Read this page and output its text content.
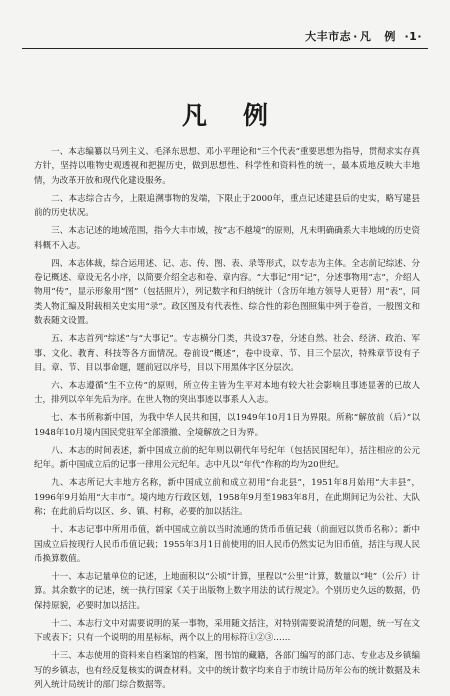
大丰市志 · 凡 例 ·1·
凡例

一、本志编纂以马列主义、毛泽东思想、邓小平理论和“三个代表”重要思想为指导，贯彻求实存真方针，坚持以唯物史观透视和把握历史，做到思想性、科学性和资料性的统一，最本质地反映大丰地情，为改革开放和现代化建设服务。

二、本志综合古今，上限追溯事物的发端，下限止于2000年，重点记述建县后的史实，略写建县前的历史状况。

三、本志记述的地域范围，指今大丰市域，按“志不越境”的原则，凡未明确确系大丰地域的历史资料概不入志。

四、本志体裁，综合运用述、记、志、传、图、表、录等形式，以专志为主体。全志前记综述、分卷记概述、章设无名小序，以简要介绍全志和卷、章内容。“大事记”用“记”，分述事物用“志”，介绍人物用“传”，显示形象用“图”（包括照片），列记数字和归纳统计（含历年地方领导人更替）用“表”，同类人物汇编及附载相关史实用“录”。政区图及有代表性、综合性的彩色图照集中列于卷首，一般图文和数表随文设置。

五、本志首列“综述”与“大事记”。专志横分门类，共设37卷，分述自然、社会、经济、政治、军事、文化、教育、科技等各方面情况。卷前设“概述”，卷中设章、节、目三个层次，特殊章节设有子目。章、节、目以事命题，题前冠以序号，目以下用黑体字区分层次。

六、本志遵循“生不立传”的原则，所立传主皆为生平对本地有较大社会影响且事迹显著的已故人士，排列以卒年先后为序。在世人物的突出事迹以事系人入志。

七、本书所称新中国，为我中华人民共和国，以1949年10月1日为界限。所称“解放前（后）”以1948年10月境内国民党驻军全部溃撤、全境解放之日为界。

八、本志的时间表述，新中国成立前的纪年则以朝代年号纪年（包括民国纪年），括注相应的公元纪年。新中国成立后的记事一律用公元纪年。志中凡以“年代”作称的均为20世纪。

九、本志所记大丰地方名称，新中国成立前和成立初用“台北县”，1951年8月始用“大丰县”，1996年9月始用“大丰市”。境内地方行政区划，1958年9月至1983年8月，在此期间记为公社、大队称；在此前后均以区、乡、镇、村称，必要的加以括注。

十、本志记事中所用币值，新中国成立前以当时流通的货币币值记载（前面冠以货币名称）；新中国成立后按现行人民币币值记载；1955年3月1日前使用的旧人民币仍然实记为旧币值，括注与现人民币换算数值。

十一、本志记量单位的记述，上地面积以“公顷”计算，里程以“公里”计算，数量以“吨”（公斤）计算。其余数字的记述，统一执行国家《关于出版物上数字用法的试行规定》。个别历史久远的数据，仍保持原貌，必要时加以括注。

十二、本志行文中对需要说明的某一事物，采用随文括注，对特别需要说清楚的问题，统一写在文下或表下；只有一个说明的用星标标，两个以上的用标符①②③……

十三、本志使用的资料来自档案馆的档案，图书馆的藏籍，各部门编写的部门志、专业志及乡镇编写的乡镇志，也有经反复核实的调查材料。文中的统计数字均来自于市统计局历年公布的统计数据及未列入统计局统计的部门综合数据等。
